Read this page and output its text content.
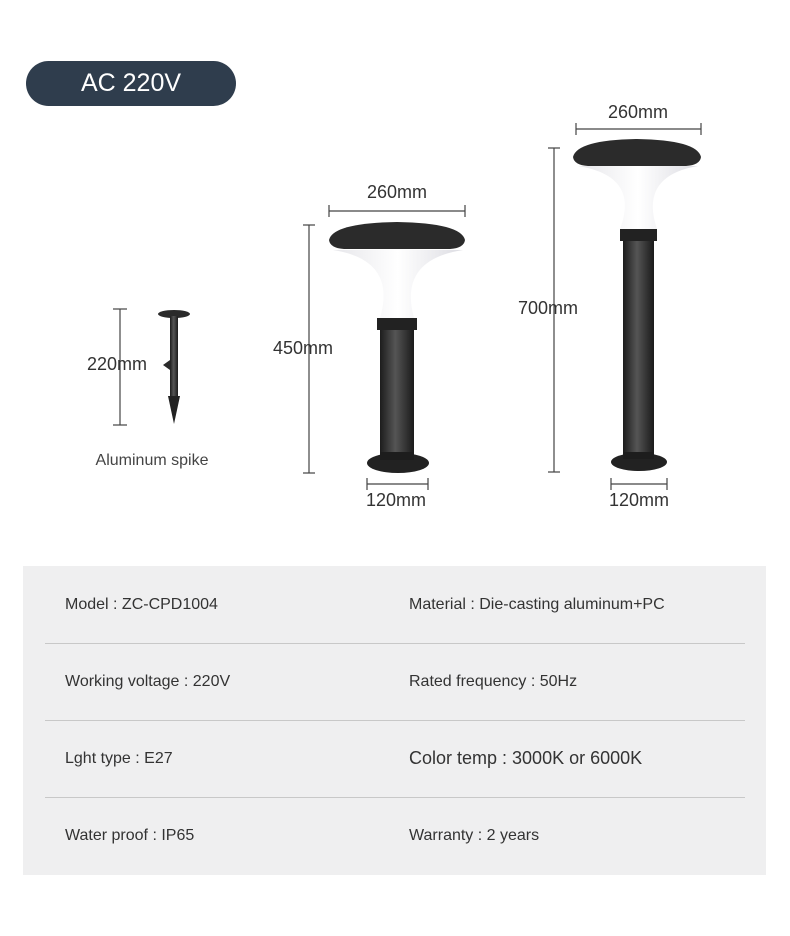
AC 220V
220mm
Aluminum spike
260mm
450mm
120mm
260mm
700mm
120mm
Model : ZC-CPD1004	Material : Die-casting aluminum+PC
Working voltage : 220V	Rated frequency : 50Hz
Lght type : E27	Color temp : 3000K or 6000K
Water proof : IP65	Warranty : 2 years
